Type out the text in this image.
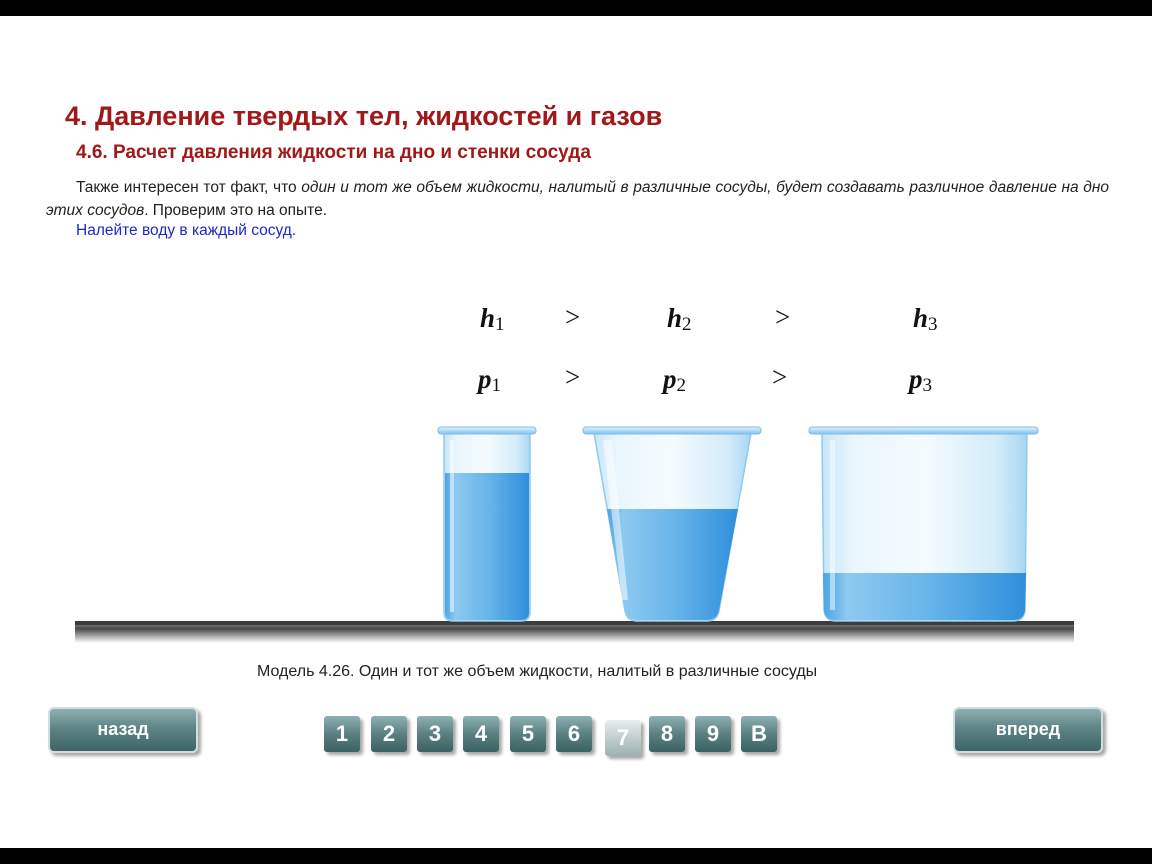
4. Давление твердых тел, жидкостей и газов
4.6. Расчет давления жидкости на дно и стенки сосуда
Также интересен тот факт, что один и тот же объем жидкости, налитый в различные сосуды, будет создавать различное давление на дно этих сосудов. Проверим это на опыте.
Налейте воду в каждый сосуд.
$h_1$ >	$h_2$	>	$h_3$
$p_1$ >	$p_2$	>	$p_3$
Модель 4.26. Один и тот же объем жидкости, налитый в различные сосуды
назад	вперед
1	2	3	4	5	6	7	8	9	В
